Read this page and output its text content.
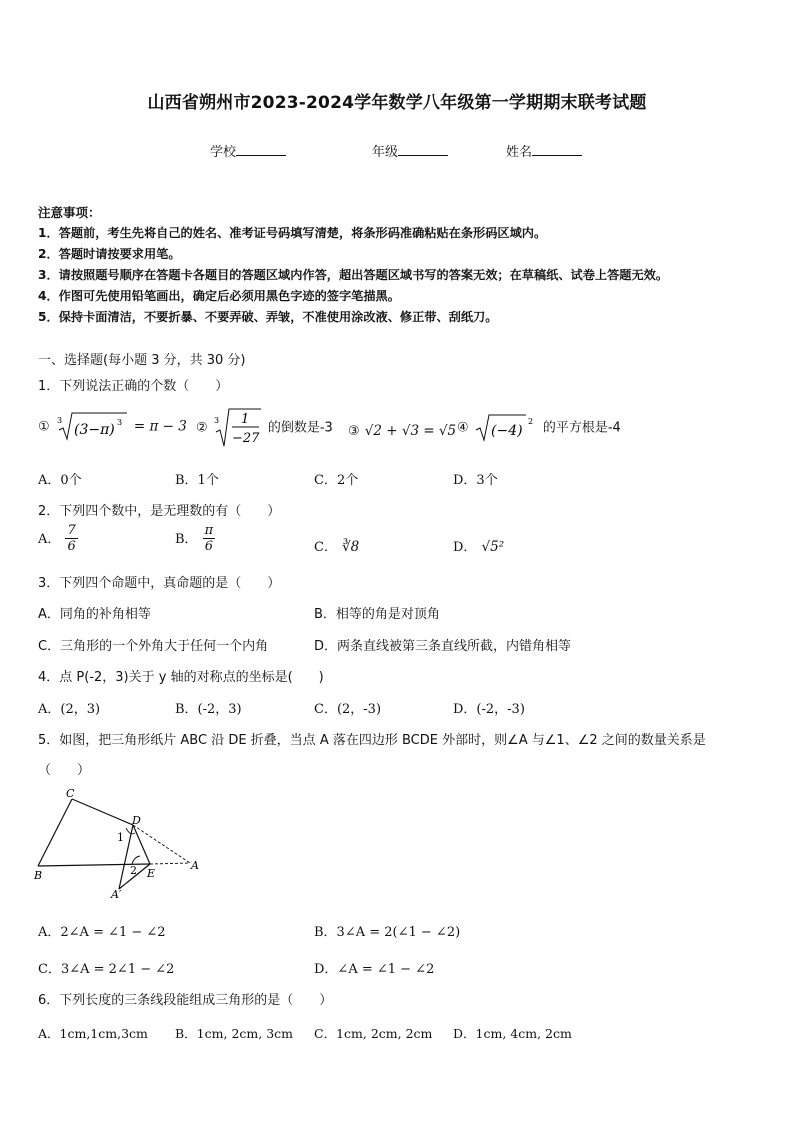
山西省朔州市2023-2024学年数学八年级第一学期期末联考试题
学校	年级	姓名
注意事项：
1．答题前，考生先将自己的姓名、准考证号码填写清楚，将条形码准确粘贴在条形码区域内。
2．答题时请按要求用笔。
3．请按照题号顺序在答题卡各题目的答题区域内作答，超出答题区域书写的答案无效；在草稿纸、试卷上答题无效。
4．作图可先使用铅笔画出，确定后必须用黑色字迹的签字笔描黑。
5．保持卡面清洁，不要折暴、不要弄破、弄皱，不准使用涂改液、修正带、刮纸刀。
一、选择题(每小题 3 分，共 30 分)
1．下列说法正确的个数（　　）
① 3
(3−π) 3 = π − 3 ② 3 1
−27
的倒数是-3 ③ √2 + √3 = √5 ④ (−4)
2 的平方根是-4
A．0个	B．1个	C．2个	D．3个
2．下列四个数中，是无理数的有（　　）
A． $\frac{7}{6}$	B． $\frac{\pi}{6}$	C． ∛8	D． √5²
3．下列四个命题中，真命题的是（　　）
A．同角的补角相等	B．相等的角是对顶角
C．三角形的一个外角大于任何一个内角	D．两条直线被第三条直线所截，内错角相等
4．点 P(-2，3)关于 y 轴的对称点的坐标是(　　)
A．(2，3)	B．(-2，3)	C．(2，-3)	D．(-2，-3)
5．如图，把三角形纸片 ABC 沿 DE 折叠，当点 A 落在四边形 BCDE 外部时，则∠A 与∠1、∠2 之间的数量关系是
（　　）
C
D
B	E
A
A′
1
2
A．2∠A = ∠1 − ∠2	B．3∠A = 2(∠1 − ∠2)
C．3∠A = 2∠1 − ∠2	D．∠A = ∠1 − ∠2
6．下列长度的三条线段能组成三角形的是（　　）
A．1cm,1cm,3cm B．1cm, 2cm, 3cm C．1cm, 2cm, 2cm D．1cm, 4cm, 2cm
